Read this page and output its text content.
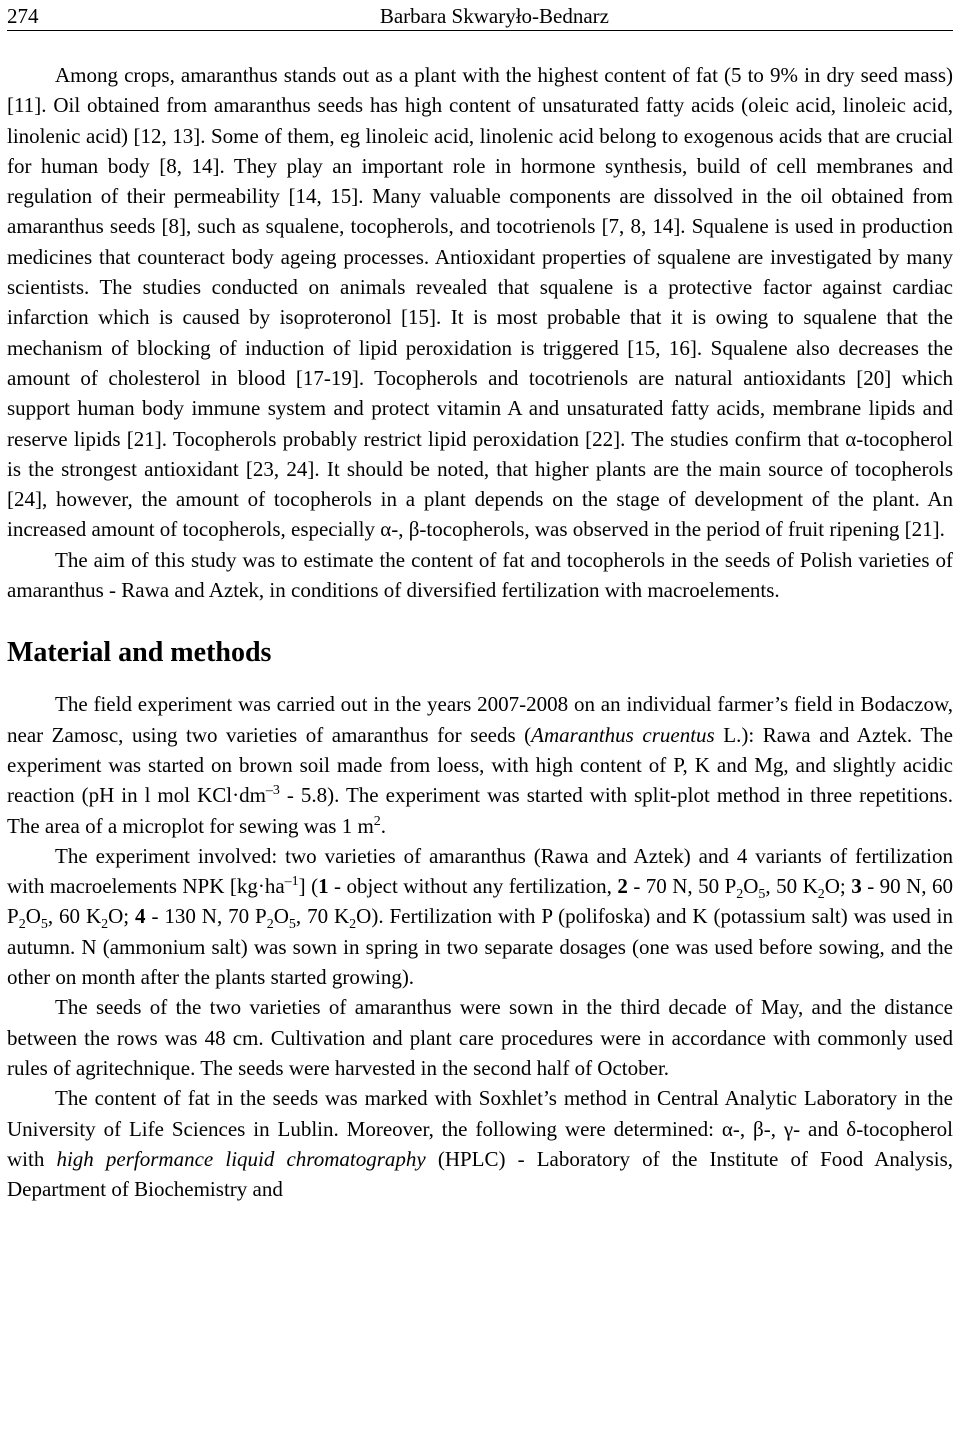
274	Barbara Skwaryło-Bednarz

Among crops, amaranthus stands out as a plant with the highest content of fat (5 to 9% in dry seed mass) [11]. Oil obtained from amaranthus seeds has high content of unsaturated fatty acids (oleic acid, linoleic acid, linolenic acid) [12, 13]. Some of them, eg linoleic acid, linolenic acid belong to exogenous acids that are crucial for human body [8, 14]. They play an important role in hormone synthesis, build of cell membranes and regulation of their permeability [14, 15]. Many valuable components are dissolved in the oil obtained from amaranthus seeds [8], such as squalene, tocopherols, and tocotrienols [7, 8, 14]. Squalene is used in production medicines that counteract body ageing processes. Antioxidant properties of squalene are investigated by many scientists. The studies conducted on animals revealed that squalene is a protective factor against cardiac infarction which is caused by isoproteronol [15]. It is most probable that it is owing to squalene that the mechanism of blocking of induction of lipid peroxidation is triggered [15, 16]. Squalene also decreases the amount of cholesterol in blood [17-19]. Tocopherols and tocotrienols are natural antioxidants [20] which support human body immune system and protect vitamin A and unsaturated fatty acids, membrane lipids and reserve lipids [21]. Tocopherols probably restrict lipid peroxidation [22]. The studies confirm that α-tocopherol is the strongest antioxidant [23, 24]. It should be noted, that higher plants are the main source of tocopherols [24], however, the amount of tocopherols in a plant depends on the stage of development of the plant. An increased amount of tocopherols, especially α-, β-tocopherols, was observed in the period of fruit ripening [21].

The aim of this study was to estimate the content of fat and tocopherols in the seeds of Polish varieties of amaranthus - Rawa and Aztek, in conditions of diversified fertilization with macroelements.

Material and methods

The field experiment was carried out in the years 2007-2008 on an individual farmer’s field in Bodaczow, near Zamosc, using two varieties of amaranthus for seeds (Amaranthus cruentus L.): Rawa and Aztek. The experiment was started on brown soil made from loess, with high content of P, K and Mg, and slightly acidic reaction (pH in l mol $KCl\cdot dm^{-3} - 5.8$). The experiment was started with split-plot method in three repetitions. The area of a microplot for sewing was 1 $m^2$.

The experiment involved: two varieties of amaranthus (Rawa and Aztek) and 4 variants of fertilization with macroelements NPK $[kg\cdot ha^{-1}]$ (1 - object without any fertilization, 2 - 70 N, 50 $P_2O_5$, 50 $K_2O$; 3 - 90 N, 60 $P_2O_5$, 60 $K_2O$; 4 - 130 N, 70 $P_2O_5$, 70 $K_2O$). Fertilization with P (polifoska) and K (potassium salt) was used in autumn. N (ammonium salt) was sown in spring in two separate dosages (one was used before sowing, and the other on month after the plants started growing).

The seeds of the two varieties of amaranthus were sown in the third decade of May, and the distance between the rows was 48 cm. Cultivation and plant care procedures were in accordance with commonly used rules of agritechnique. The seeds were harvested in the second half of October.

The content of fat in the seeds was marked with Soxhlet’s method in Central Analytic Laboratory in the University of Life Sciences in Lublin. Moreover, the following were determined: α-, β-, γ- and δ-tocopherol with high performance liquid chromatography (HPLC) - Laboratory of the Institute of Food Analysis, Department of Biochemistry and
